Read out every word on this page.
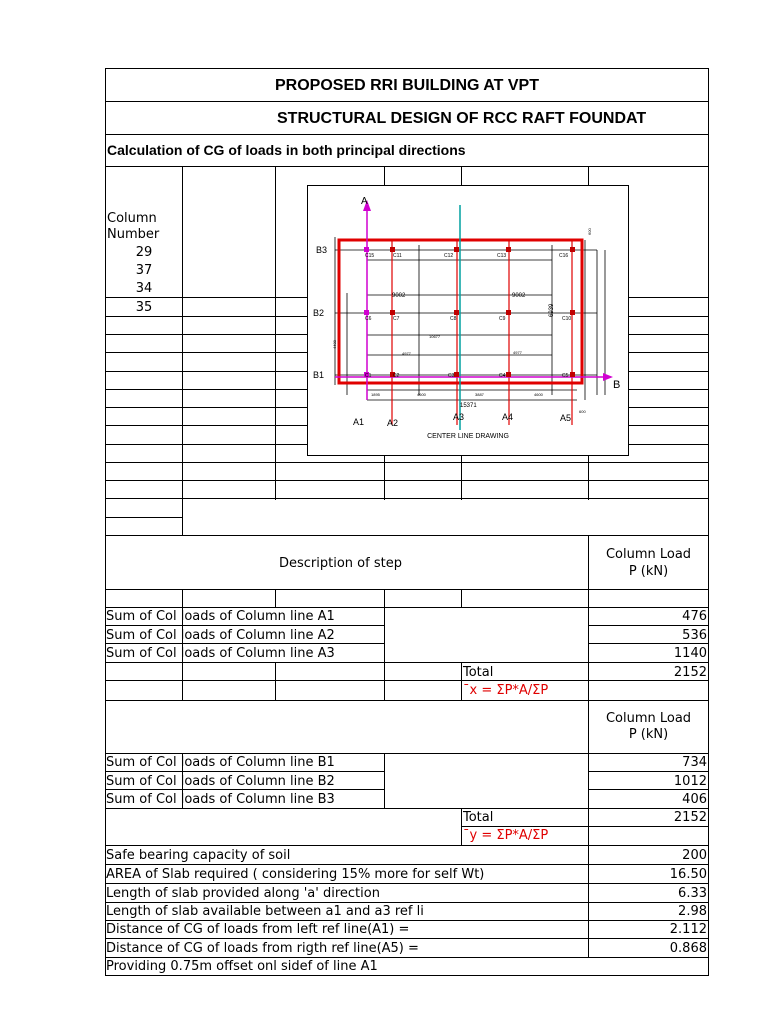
PROPOSED RRI BUILDING AT VPT
STRUCTURAL DESIGN OF RCC RAFT FOUNDAT
Calculation of CG of loads in both principal directions
Column
Number
29
37
34
35
C15	C11	C12	C13	C16
C6	C7	C8	C9	C10
C1	C2	C3	C4	C5
9002	9002
6939
4977
10677
4977
4400
15371
1895	4600	3887	4600
600
600
B3
B2
B1
A
B
A1	A2
A3	A4	A5
CENTER LINE DRAWING
Description of step
Column Load
P (kN)
Sum of Col loads of Column line A1	476
Sum of Col loads of Column line A2	536
Sum of Col loads of Column line A3	1140
Total	2152
¯x = ΣP*A/ΣP
Column Load
P (kN)
Sum of Col loads of Column line B1	734
Sum of Col loads of Column line B2	1012
Sum of Col loads of Column line B3	406
Total	2152
¯y = ΣP*A/ΣP
Safe bearing capacity of soil	200
AREA of Slab required ( considering 15% more for self Wt)	16.50
Length of slab provided along 'a' direction	6.33
Length of slab available between a1 and a3 ref li	2.98
Distance of CG of loads from left ref line(A1) =	2.112
Distance of CG of loads from rigth ref line(A5) =	0.868
Providing 0.75m offset onl sidef of line A1
